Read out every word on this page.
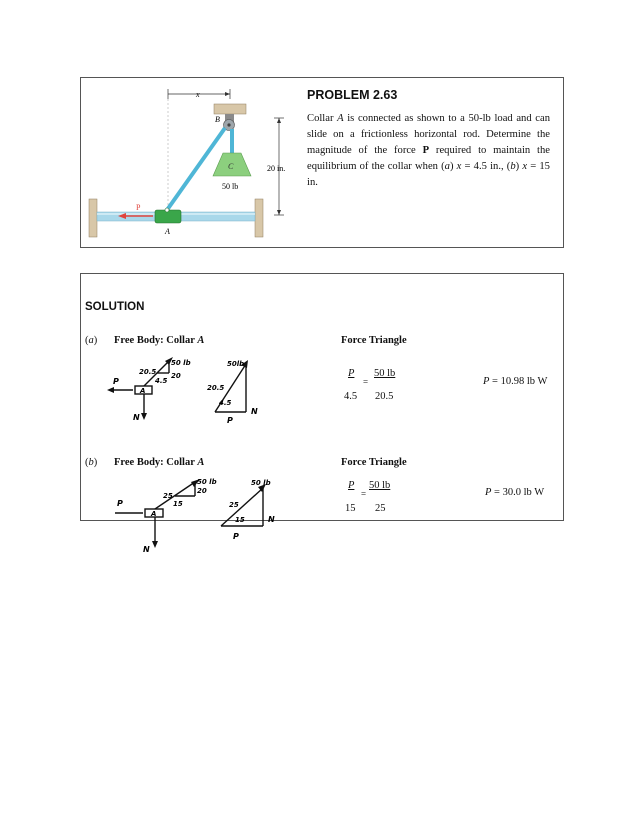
x
B
C
50 lb
20 in.
P
A
PROBLEM 2.63
Collar A is connected as shown to a 50-lb load and can slide on a frictionless horizontal rod. Determine the magnitude of the force P required to maintain the equilibrium of the collar when (a) x = 4.5 in., (b) x = 15 in.
SOLUTION
(a) Free Body: Collar A	Force Triangle
50 lb
20.5 20
4.5
A
P
N
50lb
20.5
4.5
P
N
P
4.5
=
50 lb
20.5
P = 10.98 lb W
(b) Free Body: Collar A	Force Triangle
50 lb
25
20
15
A
P
N
50 lb
25
15
P
N
P
15
=
50 lb
25
P = 30.0 lb W
